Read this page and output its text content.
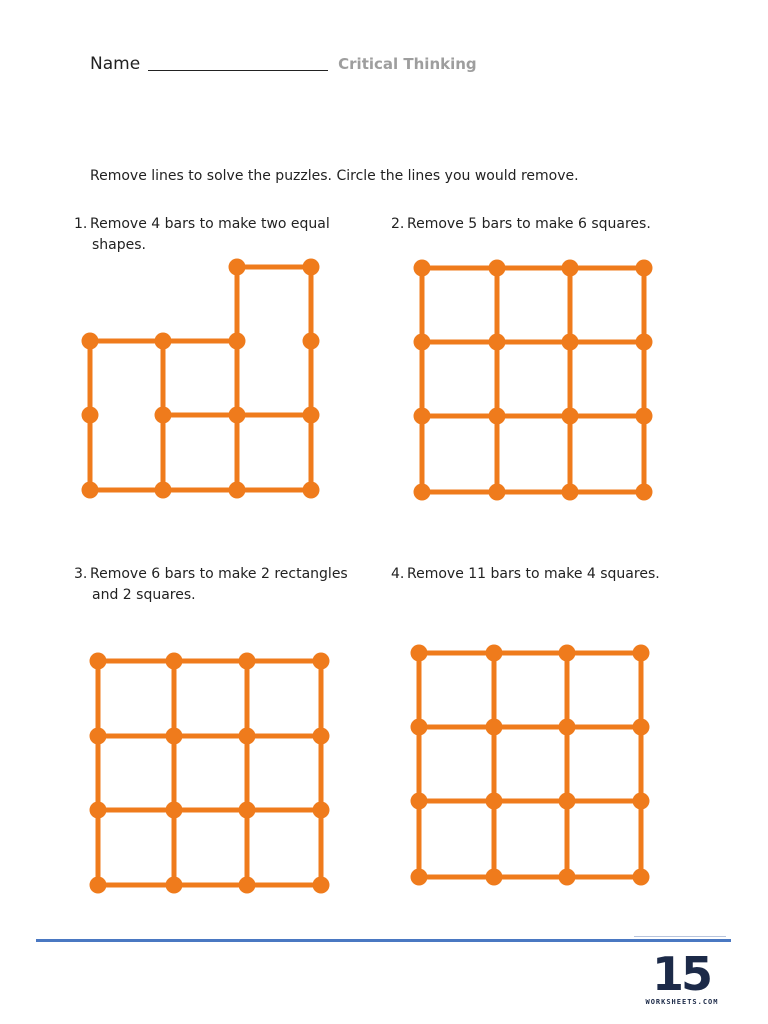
Name	Critical Thinking
Remove lines to solve the puzzles. Circle the lines you would remove.
1. Remove 4 bars to make two equal
shapes.
2. Remove 5 bars to make 6 squares.
3. Remove 6 bars to make 2 rectangles
and 2 squares.
4. Remove 11 bars to make 4 squares.
15
WORKSHEETS.COM
